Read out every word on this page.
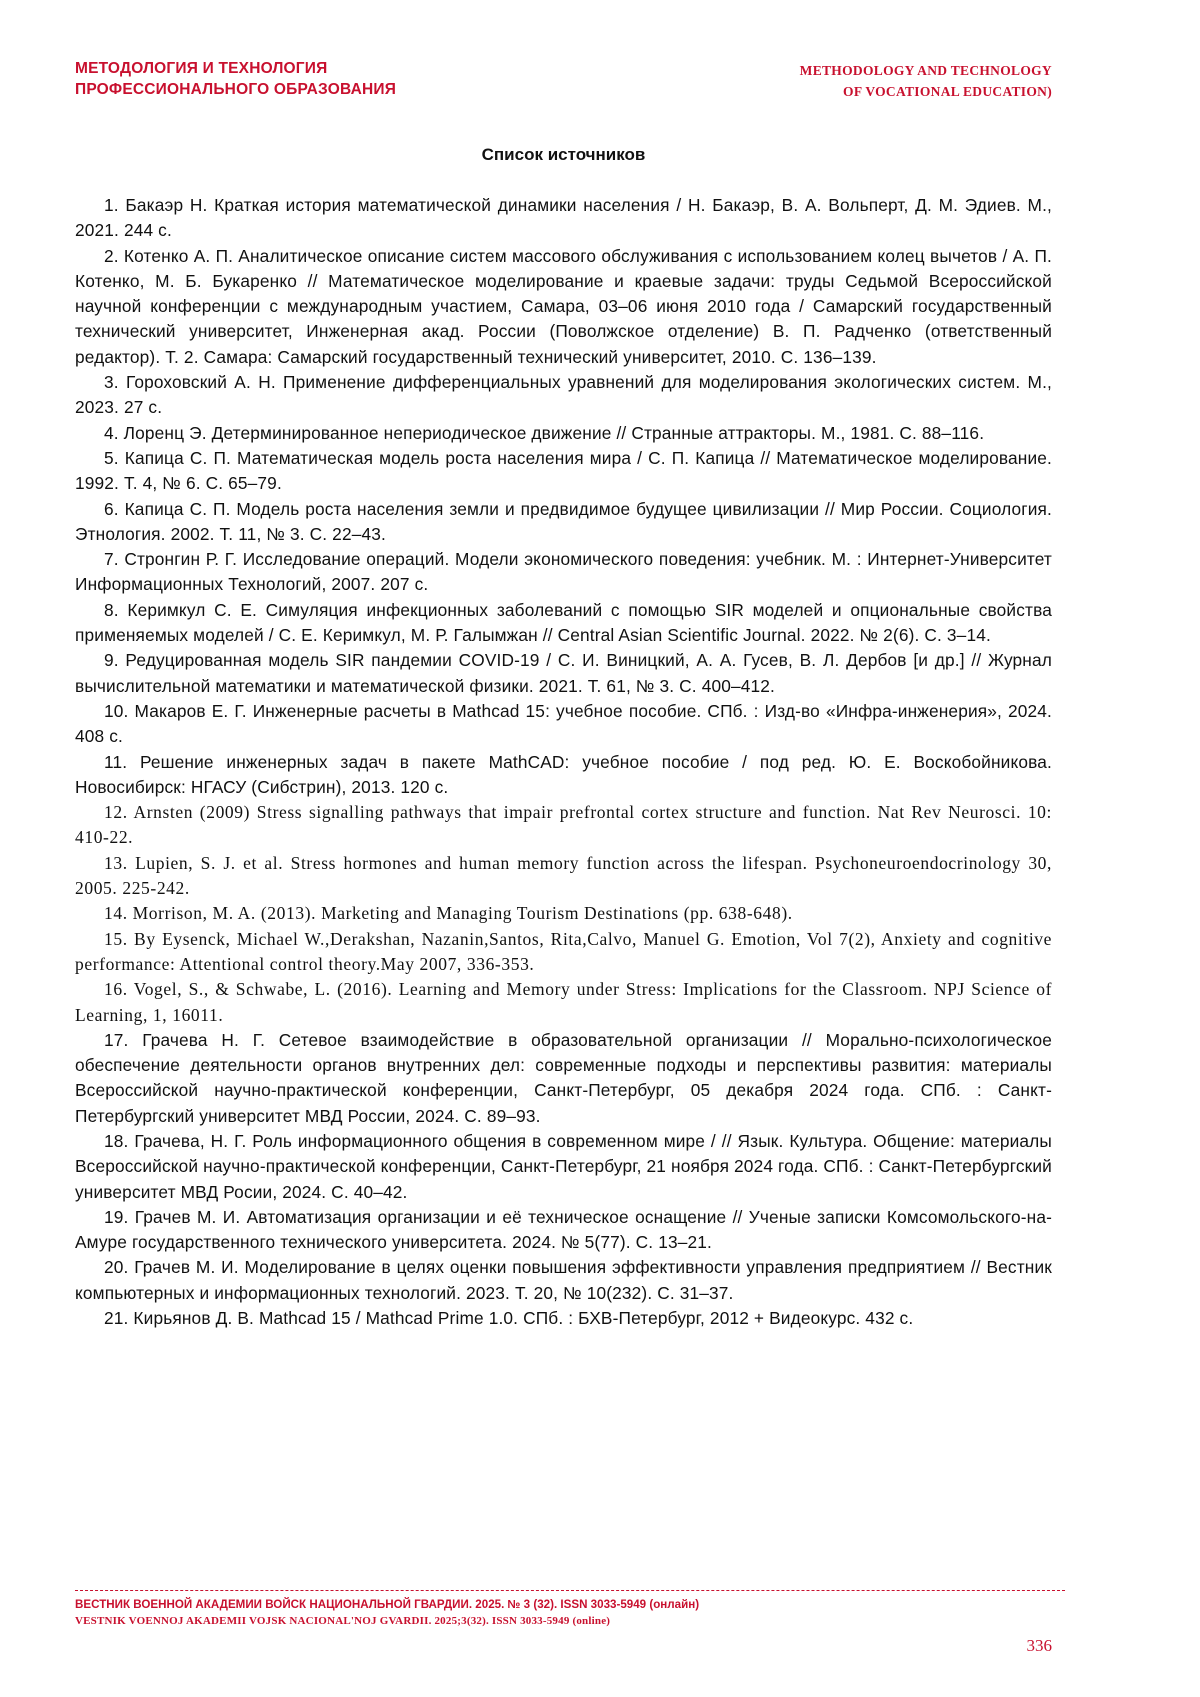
МЕТОДОЛОГИЯ И ТЕХНОЛОГИЯ
ПРОФЕССИОНАЛЬНОГО ОБРАЗОВАНИЯ
METHODOLOGY AND TECHNOLOGY
OF VOCATIONAL EDUCATION)
Список источников

1. Бакаэр Н. Краткая история математической динамики населения / Н. Бакаэр, В. А. Вольперт, Д. М. Эдиев. М., 2021. 244 с.

2. Котенко А. П. Аналитическое описание систем массового обслуживания с использованием колец вычетов / А. П. Котенко, М. Б. Букаренко // Математическое моделирование и краевые задачи: труды Седьмой Всероссийской научной конференции с международным участием, Самара, 03–06 июня 2010 года / Самарский государственный технический университет, Инженерная акад. России (Поволжское отделение) В. П. Радченко (ответственный редактор). Т. 2. Самара: Самарский государственный технический университет, 2010. С. 136–139.

3. Гороховский А. Н. Применение дифференциальных уравнений для моделирования экологических систем. М., 2023. 27 с.

4. Лоренц Э. Детерминированное непериодическое движение // Странные аттракторы. М., 1981. С. 88–116.

5. Капица С. П. Математическая модель роста населения мира / С. П. Капица // Математическое моделирование. 1992. Т. 4, № 6. С. 65–79.

6. Капица С. П. Модель роста населения земли и предвидимое будущее цивилизации // Мир России. Социология. Этнология. 2002. Т. 11, № 3. С. 22–43.

7. Стронгин Р. Г. Исследование операций. Модели экономического поведения: учебник. М. : Интернет-Университет Информационных Технологий, 2007. 207 с.

8. Керимкул С. Е. Симуляция инфекционных заболеваний с помощью SIR моделей и опциональные свойства применяемых моделей / С. Е. Керимкул, М. Р. Галымжан // Central Asian Scientific Journal. 2022. № 2(6). С. 3–14.

9. Редуцированная модель SIR пандемии COVID-19 / С. И. Виницкий, А. А. Гусев, В. Л. Дербов [и др.] // Журнал вычислительной математики и математической физики. 2021. Т. 61, № 3. С. 400–412.

10. Макаров Е. Г. Инженерные расчеты в Mathcad 15: учебное пособие. СПб. : Изд-во «Инфра-инженерия», 2024. 408 с.

11. Решение инженерных задач в пакете MathCAD: учебное пособие / под ред. Ю. Е. Воскобойникова. Новосибирск: НГАСУ (Сибстрин), 2013. 120 с.

12. Arnsten (2009) Stress signalling pathways that impair prefrontal cortex structure and function. Nat Rev Neurosci. 10: 410-22.

13. Lupien, S. J. et al. Stress hormones and human memory function across the lifespan. Psychoneuroendocrinology 30, 2005. 225-242.

14. Morrison, M. A. (2013). Marketing and Managing Tourism Destinations (pp. 638-648).

15. By Eysenck, Michael W.,Derakshan, Nazanin,Santos, Rita,Calvo, Manuel G. Emotion, Vol 7(2), Anxiety and cognitive performance: Attentional control theory.May 2007, 336-353.

16. Vogel, S., & Schwabe, L. (2016). Learning and Memory under Stress: Implications for the Classroom. NPJ Science of Learning, 1, 16011.

17. Грачева Н. Г. Сетевое взаимодействие в образовательной организации // Морально-психологическое обеспечение деятельности органов внутренних дел: современные подходы и перспективы развития: материалы Всероссийской научно-практической конференции, Санкт-Петербург, 05 декабря 2024 года. СПб. : Санкт-Петербургский университет МВД России, 2024. С. 89–93.

18. Грачева, Н. Г. Роль информационного общения в современном мире / // Язык. Культура. Общение: материалы Всероссийской научно-практической конференции, Санкт-Петербург, 21 ноября 2024 года. СПб. : Санкт-Петербургский университет МВД Росии, 2024. С. 40–42.

19. Грачев М. И. Автоматизация организации и её техническое оснащение // Ученые записки Комсомольского-на-Амуре государственного технического университета. 2024. № 5(77). С. 13–21.

20. Грачев М. И. Моделирование в целях оценки повышения эффективности управления предприятием // Вестник компьютерных и информационных технологий. 2023. Т. 20, № 10(232). С. 31–37.

21. Кирьянов Д. В. Mathcad 15 / Mathcad Prime 1.0. СПб. : БХВ-Петербург, 2012 + Видеокурс. 432 с.

ВЕСТНИК ВОЕННОЙ АКАДЕМИИ ВОЙСК НАЦИОНАЛЬНОЙ ГВАРДИИ. 2025. № 3 (32). ISSN 3033-5949 (онлайн)
VESTNIK VOENNOJ AKADEMII VOJSK NACIONAL'NOJ GVARDII. 2025;3(32). ISSN 3033-5949 (online)
336
